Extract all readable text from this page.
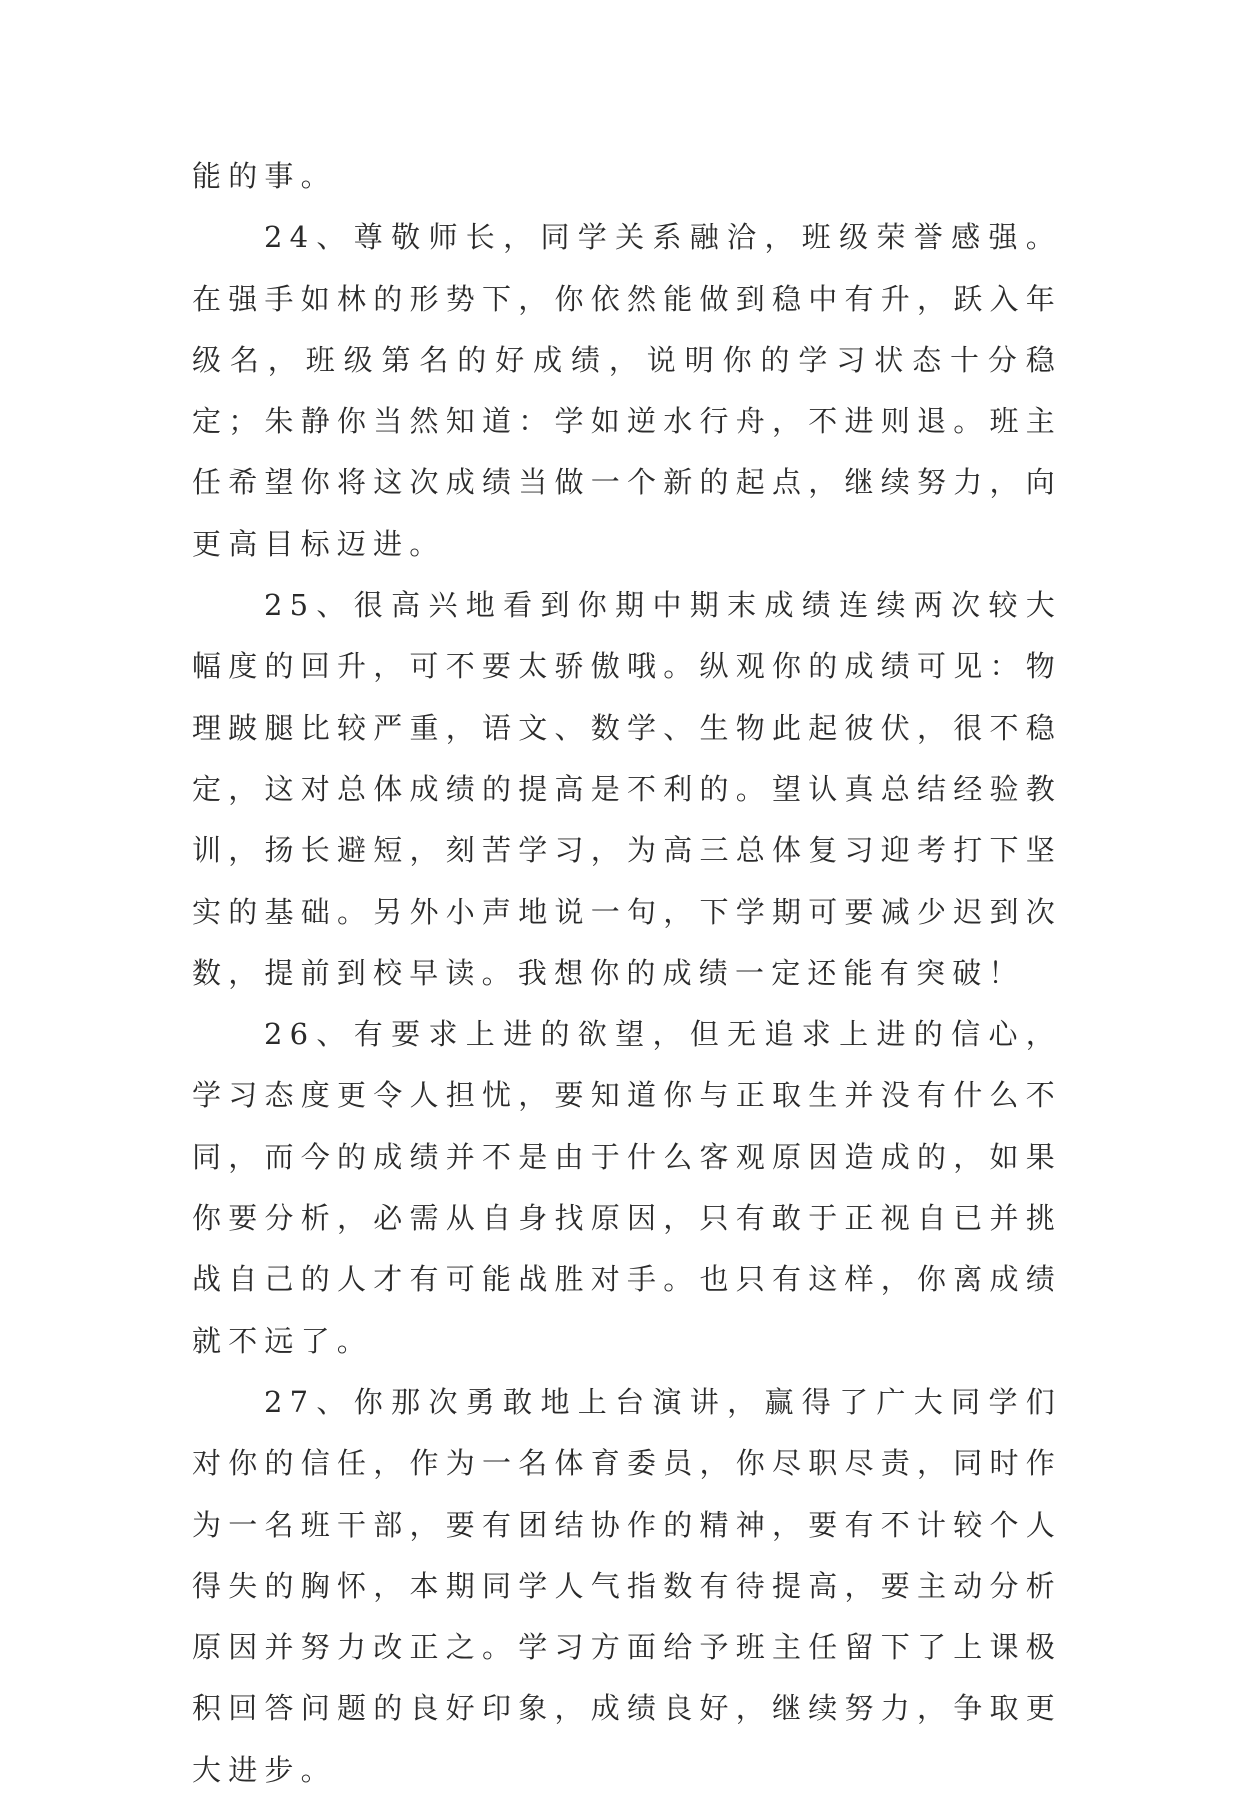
能的事。

24、尊敬师长，同学关系融洽，班级荣誉感强。在强手如林的形势下，你依然能做到稳中有升，跃入年级名，班级第名的好成绩，说明你的学习状态十分稳定；朱静你当然知道：学如逆水行舟，不进则退。班主任希望你将这次成绩当做一个新的起点，继续努力，向更高目标迈进。

25、很高兴地看到你期中期末成绩连续两次较大幅度的回升，可不要太骄傲哦。纵观你的成绩可见：物理跛腿比较严重，语文、数学、生物此起彼伏，很不稳定，这对总体成绩的提高是不利的。望认真总结经验教训，扬长避短，刻苦学习，为高三总体复习迎考打下坚实的基础。另外小声地说一句，下学期可要减少迟到次数，提前到校早读。我想你的成绩一定还能有突破！

26、有要求上进的欲望，但无追求上进的信心，学习态度更令人担忧，要知道你与正取生并没有什么不同，而今的成绩并不是由于什么客观原因造成的，如果你要分析，必需从自身找原因，只有敢于正视自已并挑战自己的人才有可能战胜对手。也只有这样，你离成绩就不远了。

27、你那次勇敢地上台演讲，赢得了广大同学们对你的信任，作为一名体育委员，你尽职尽责，同时作为一名班干部，要有团结协作的精神，要有不计较个人得失的胸怀，本期同学人气指数有待提高，要主动分析原因并努力改正之。学习方面给予班主任留下了上课极积回答问题的良好印象，成绩良好，继续努力，争取更大进步。
